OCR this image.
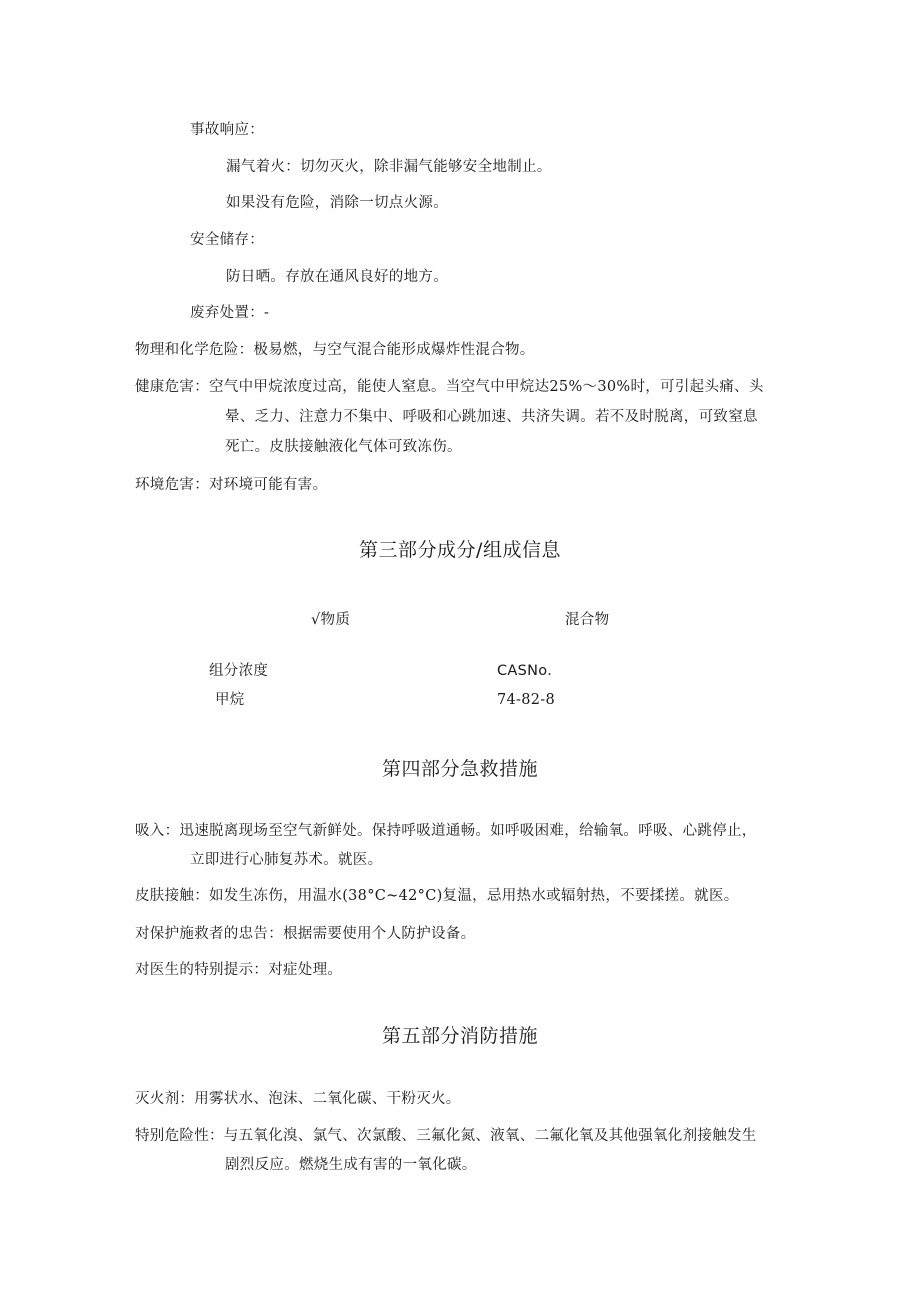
事故响应：
漏气着火：切勿灭火，除非漏气能够安全地制止。
如果没有危险，消除一切点火源。
安全储存：
防日晒。存放在通风良好的地方。
废弃处置：-
物理和化学危险：极易燃，与空气混合能形成爆炸性混合物。
健康危害：空气中甲烷浓度过高，能使人窒息。当空气中甲烷达25%～30%时，可引起头痛、头
晕、乏力、注意力不集中、呼吸和心跳加速、共济失调。若不及时脱离，可致窒息
死亡。皮肤接触液化气体可致冻伤。
环境危害：对环境可能有害。
第三部分成分/组成信息
√物质	混合物
组分浓度	CASNo.
甲烷	74-82-8
第四部分急救措施
吸入：迅速脱离现场至空气新鲜处。保持呼吸道通畅。如呼吸困难，给输氧。呼吸、心跳停止，
立即进行心肺复苏术。就医。
皮肤接触：如发生冻伤，用温水(38°C~42°C)复温，忌用热水或辐射热，不要揉搓。就医。
对保护施救者的忠告：根据需要使用个人防护设备。
对医生的特别提示：对症处理。
第五部分消防措施
灭火剂：用雾状水、泡沫、二氧化碳、干粉灭火。
特别危险性：与五氧化溴、氯气、次氯酸、三氟化氮、液氧、二氟化氧及其他强氧化剂接触发生
剧烈反应。燃烧生成有害的一氧化碳。
